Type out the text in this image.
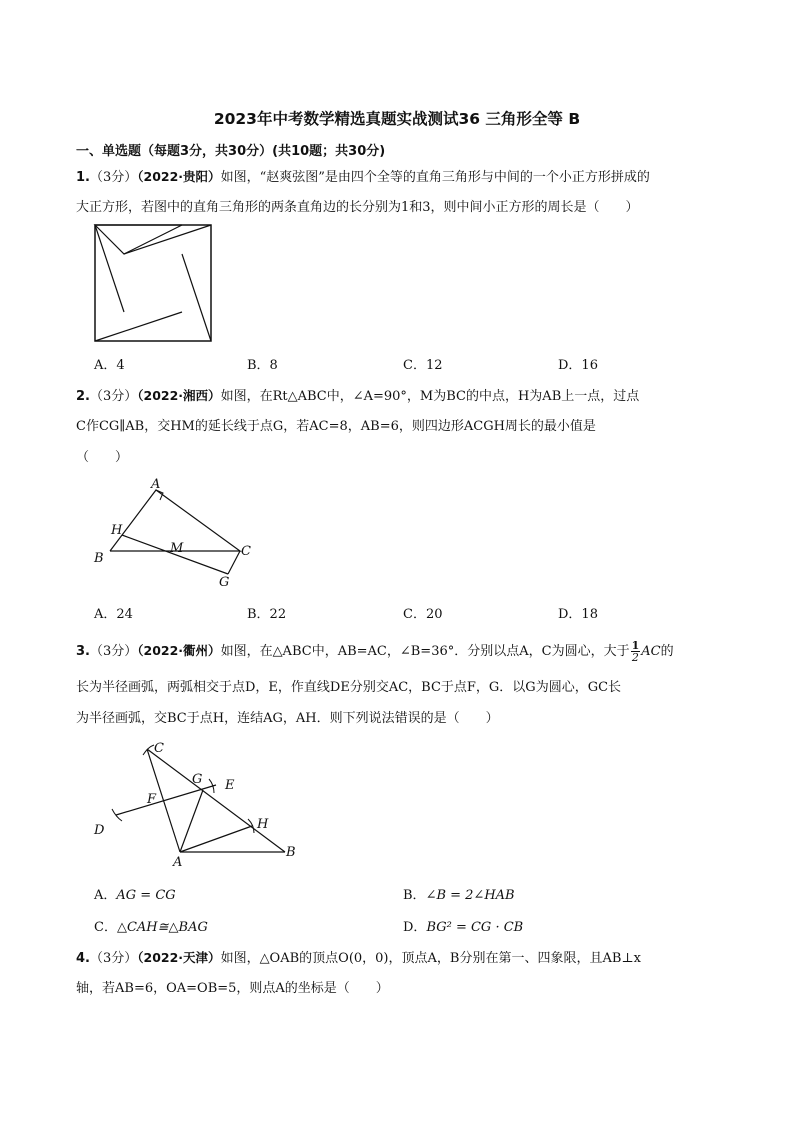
2023年中考数学精选真题实战测试36 三角形全等 B
一、单选题（每题3分，共30分）(共10题；共30分)
1.（3分）（2022·贵阳）如图，“赵爽弦图”是由四个全等的直角三角形与中间的一个小正方形拼成的
大正方形，若图中的直角三角形的两条直角边的长分别为1和3，则中间小正方形的周长是（　　）
A．4	B．8	C．12	D．16
2.（3分）（2022·湘西）如图，在Rt△ABC中，∠A=90°，M为BC的中点，H为AB上一点，过点
C作CG∥AB，交HM的延长线于点G，若AC=8，AB=6，则四边形ACGH周长的最小值是
（　　）
A
B	C
H
M
G
A．24	B．22	C．20	D．18
3.（3分）（2022·衢州）如图，在△ABC中，AB=AC，∠B=36°．分别以点A，C为圆心，大于 $\frac{1}{2}$ AC的
长为半径画弧，两弧相交于点D，E，作直线DE分别交AC，BC于点F，G．以G为圆心，GC长
为半径画弧，交BC于点H，连结AG，AH．则下列说法错误的是（　　）
C
G E
F
D	H
A
B
A．AG = CG	B．∠B = 2∠HAB
C．△CAH≅△BAG	D．BG² = CG · CB
4.（3分）（2022·天津）如图，△OAB的顶点O(0，0)，顶点A，B分别在第一、四象限，且AB⊥x
轴，若AB=6，OA=OB=5，则点A的坐标是（　　）
